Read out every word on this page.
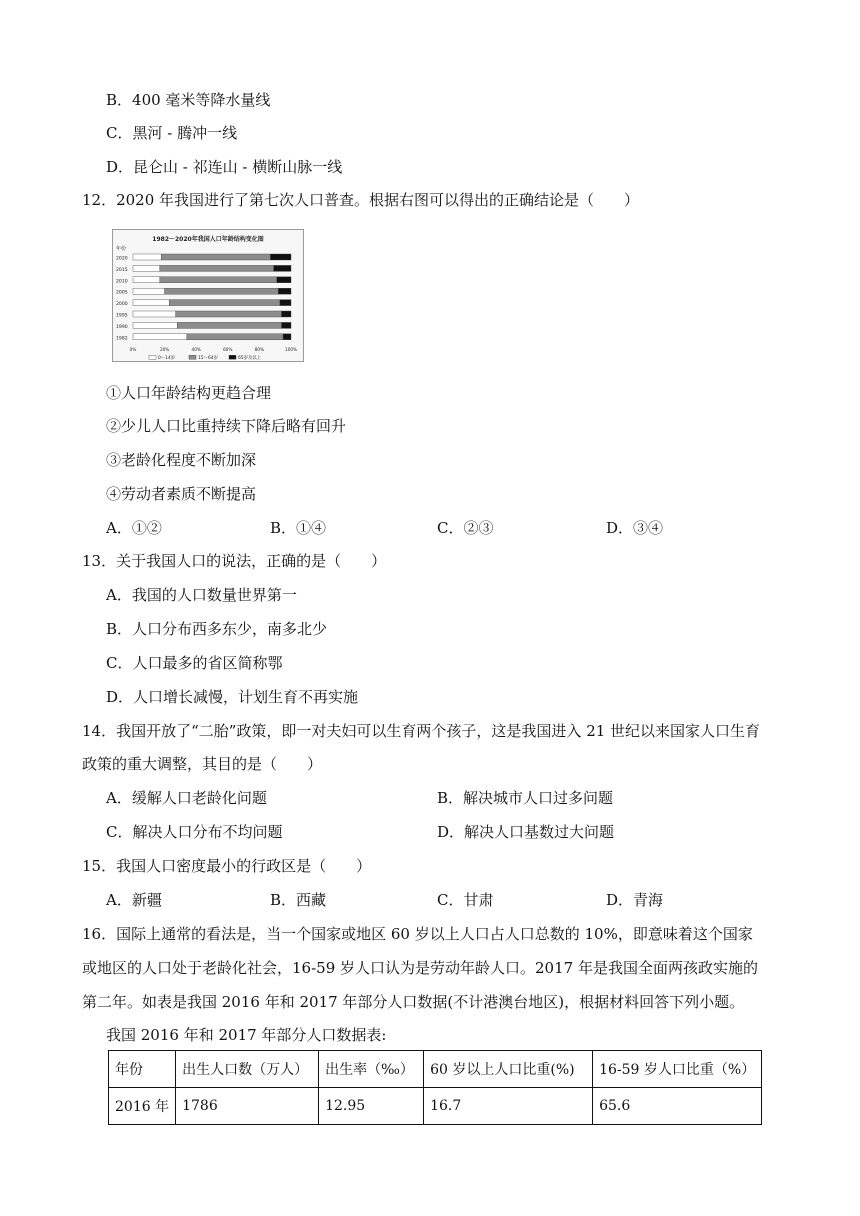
B．400 毫米等降水量线
C．黑河 - 腾冲一线
D．昆仑山 - 祁连山 - 横断山脉一线
12．2020 年我国进行了第七次人口普查。根据右图可以得出的正确结论是（　　）
1982～2020年我国人口年龄结构变化图
年份
2020
2015
2010
2005
2000
1995
1990
1982
0%	20%	40%	60%	80%	100%
0～14岁	15～64岁	65岁及以上
①人口年龄结构更趋合理
②少儿人口比重持续下降后略有回升
③老龄化程度不断加深
④劳动者素质不断提高
A．①②	B．①④	C．②③	D．③④
13．关于我国人口的说法，正确的是（　　）
A．我国的人口数量世界第一
B．人口分布西多东少，南多北少
C．人口最多的省区简称鄂
D．人口增长减慢，计划生育不再实施
14．我国开放了“二胎”政策，即一对夫妇可以生育两个孩子，这是我国进入 21 世纪以来国家人口生育
政策的重大调整，其目的是（　　）
A．缓解人口老龄化问题	B．解决城市人口过多问题
C．解决人口分布不均问题	D．解决人口基数过大问题
15．我国人口密度最小的行政区是（　　）
A．新疆	B．西藏	C．甘肃	D．青海
16．国际上通常的看法是，当一个国家或地区 60 岁以上人口占人口总数的 10%，即意味着这个国家
或地区的人口处于老龄化社会，16-59 岁人口认为是劳动年龄人口。2017 年是我国全面两孩政实施的
第二年。如表是我国 2016 年和 2017 年部分人口数据(不计港澳台地区)，根据材料回答下列小题。
我国 2016 年和 2017 年部分人口数据表:
年份	出生人口数（万人）	出生率（‰）	60 岁以上人口比重(%)	16-59 岁人口比重（%）
2016 年	1786	12.95	16.7	65.6
